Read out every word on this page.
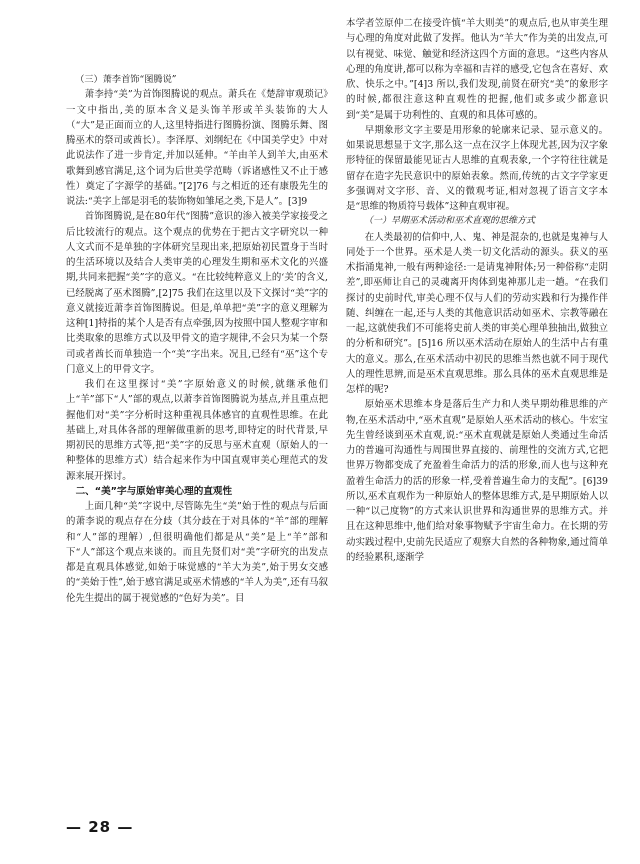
（三）萧李首饰“图腾说”

萧李持“美”为首饰图腾说的观点。萧兵在《楚辞审观琐记》一文中指出,美的原本含义是头饰羊形或羊头装饰的大人（“大”是正面而立的人,这里特指进行图腾扮演、图腾乐舞、图腾巫术的祭司或酋长）。李泽厚、刘纲纪在《中国美学史》中对此说法作了进一步肯定,并加以延伸。“羊由羊人到羊大,由巫术歌舞到感官满足,这个词为后世美学范畴（诉诸感性又不止于感性）奠定了字源学的基础。”[2]76 与之相近的还有康殷先生的说法:“美字上部是羽毛的装饰物如雏尾之类,下是人”。[3]9

首饰图腾说,是在80年代“图腾”意识的渗入被美学家接受之后比较流行的观点。这个观点的优势在于把古文字研究以一种人文式而不是单独的字体研究呈现出来,把原始初民置身于当时的生活环境以及结合人类审美的心理发生期和巫术文化的兴盛期,共同来把握“美”字的意义。“在比较纯粹意义上的‘美’的含义,已经脱离了巫术图腾”,[2]75 我们在这里以及下文探讨“美”字的意义就接近萧李首饰图腾说。但是,单单把“美”字的意义理解为这种[1]特指的某个人是否有点牵强,因为按照中国人整观字审和比类取象的思维方式以及甲骨文的造字规律,不会只为某一个祭司或者酋长而单独造一个“美”字出来。况且,已经有“巫”这个专门意义上的甲骨文字。

我们在这里探讨“美”字原始意义的时候,就继承他们上“羊”部下“人”部的观点,以萧李首饰图腾说为基点,并且重点把握他们对“美”字分析时这种重视具体感官的直观性思维。在此基础上,对具体各部的理解做重新的思考,即特定的时代背景,早期初民的思维方式等,把“美”字的反思与巫术直观（原始人的一种整体的思维方式）结合起来作为中国直观审美心理范式的发源来展开探讨。

二、“美”字与原始审美心理的直观性

上面几种“美”字说中,尽管陈先生“美”始于性的观点与后面的萧李说的观点存在分歧（其分歧在于对具体的“羊”部的理解和“人”部的理解）,但很明确他们都是从“美”是上“羊”部和下“人”部这个观点来谈的。而且先贤们对“美”字研究的出发点都是直观具体感觉,如始于味觉感的“羊大为美”,始于男女交感的“美始于性”,始于感官满足或巫术情感的“羊人为美”,还有马叙伦先生提出的属于视觉感的“色好为美”。目

本学者笠原仲二在接受许慎“羊大则美”的观点后,也从审美生理与心理的角度对此做了发挥。他认为“羊大”作为美的出发点,可以有视觉、味觉、触觉和经济这四个方面的意思。“这些内容从心理的角度讲,都可以称为幸福和吉祥的感受,它包含在喜好、欢欣、快乐之中。”[4]3 所以,我们发现,前贤在研究“美”的象形字的时候,都很注意这种直观性的把握,他们或多或少都意识到“美”是属于功利性的、直观的和具体可感的。

早期象形文字主要是用形象的轮廓来记录、显示意义的。如果说思想显于文字,那么这一点在汉字上体现尤甚,因为汉字象形特征的保留最能见证古人思维的直观表象,一个字符往往就是留存在造字先民意识中的原始表象。然而,传统的古文字学家更多强调对文字形、音、义的微观考证,相对忽视了语言文字本是“思维的物质符号载体”这种直观审视。

（一）早期巫术活动和巫术直观的思维方式

在人类最初的信仰中,人、鬼、神是混杂的,也就是鬼神与人同处于一个世界。巫术是人类一切文化活动的源头。获义的巫术指涌鬼神,一般有两种途径:一是请鬼神附体;另一种俗称“走阴差”,即巫师让自己的灵魂离开肉体到鬼神那儿走一趟。“在我们探讨的史前时代,审美心理不仅与人们的劳动实践和行为操作伴随、纠缠在一起,还与人类的其他意识活动如巫术、宗教等融在一起,这就使我们不可能将史前人类的审美心理单独抽出,做独立的分析和研究”。[5]16 所以巫术活动在原始人的生活中占有重大的意义。那么,在巫术活动中初民的思维当然也就不同于现代人的理性思辨,而是巫术直观思维。那么具体的巫术直观思维是怎样的呢?

原始巫术思维本身是落后生产力和人类早期幼稚思维的产物,在巫术活动中,“巫术直观”是原始人巫术活动的核心。牛宏宝先生曾经谈到巫术直观,说:“巫术直观就是原始人类通过生命活力的普遍可沟通性与周围世界直接的、前理性的交流方式,它把世界万物都变成了充盈着生命活力的活的形象,而人也与这种充盈着生命活力的活的形象一样,受着普遍生命力的支配”。[6]39 所以,巫术直观作为一种原始人的整体思维方式,是早期原始人以一种“以己度物”的方式来认识世界和沟通世界的思维方式。并且在这种思维中,他们给对象事物赋予宇宙生命力。在长期的劳动实践过程中,史前先民适应了观察大自然的各种物象,通过简单的经验累积,逐渐学

— 28 —
